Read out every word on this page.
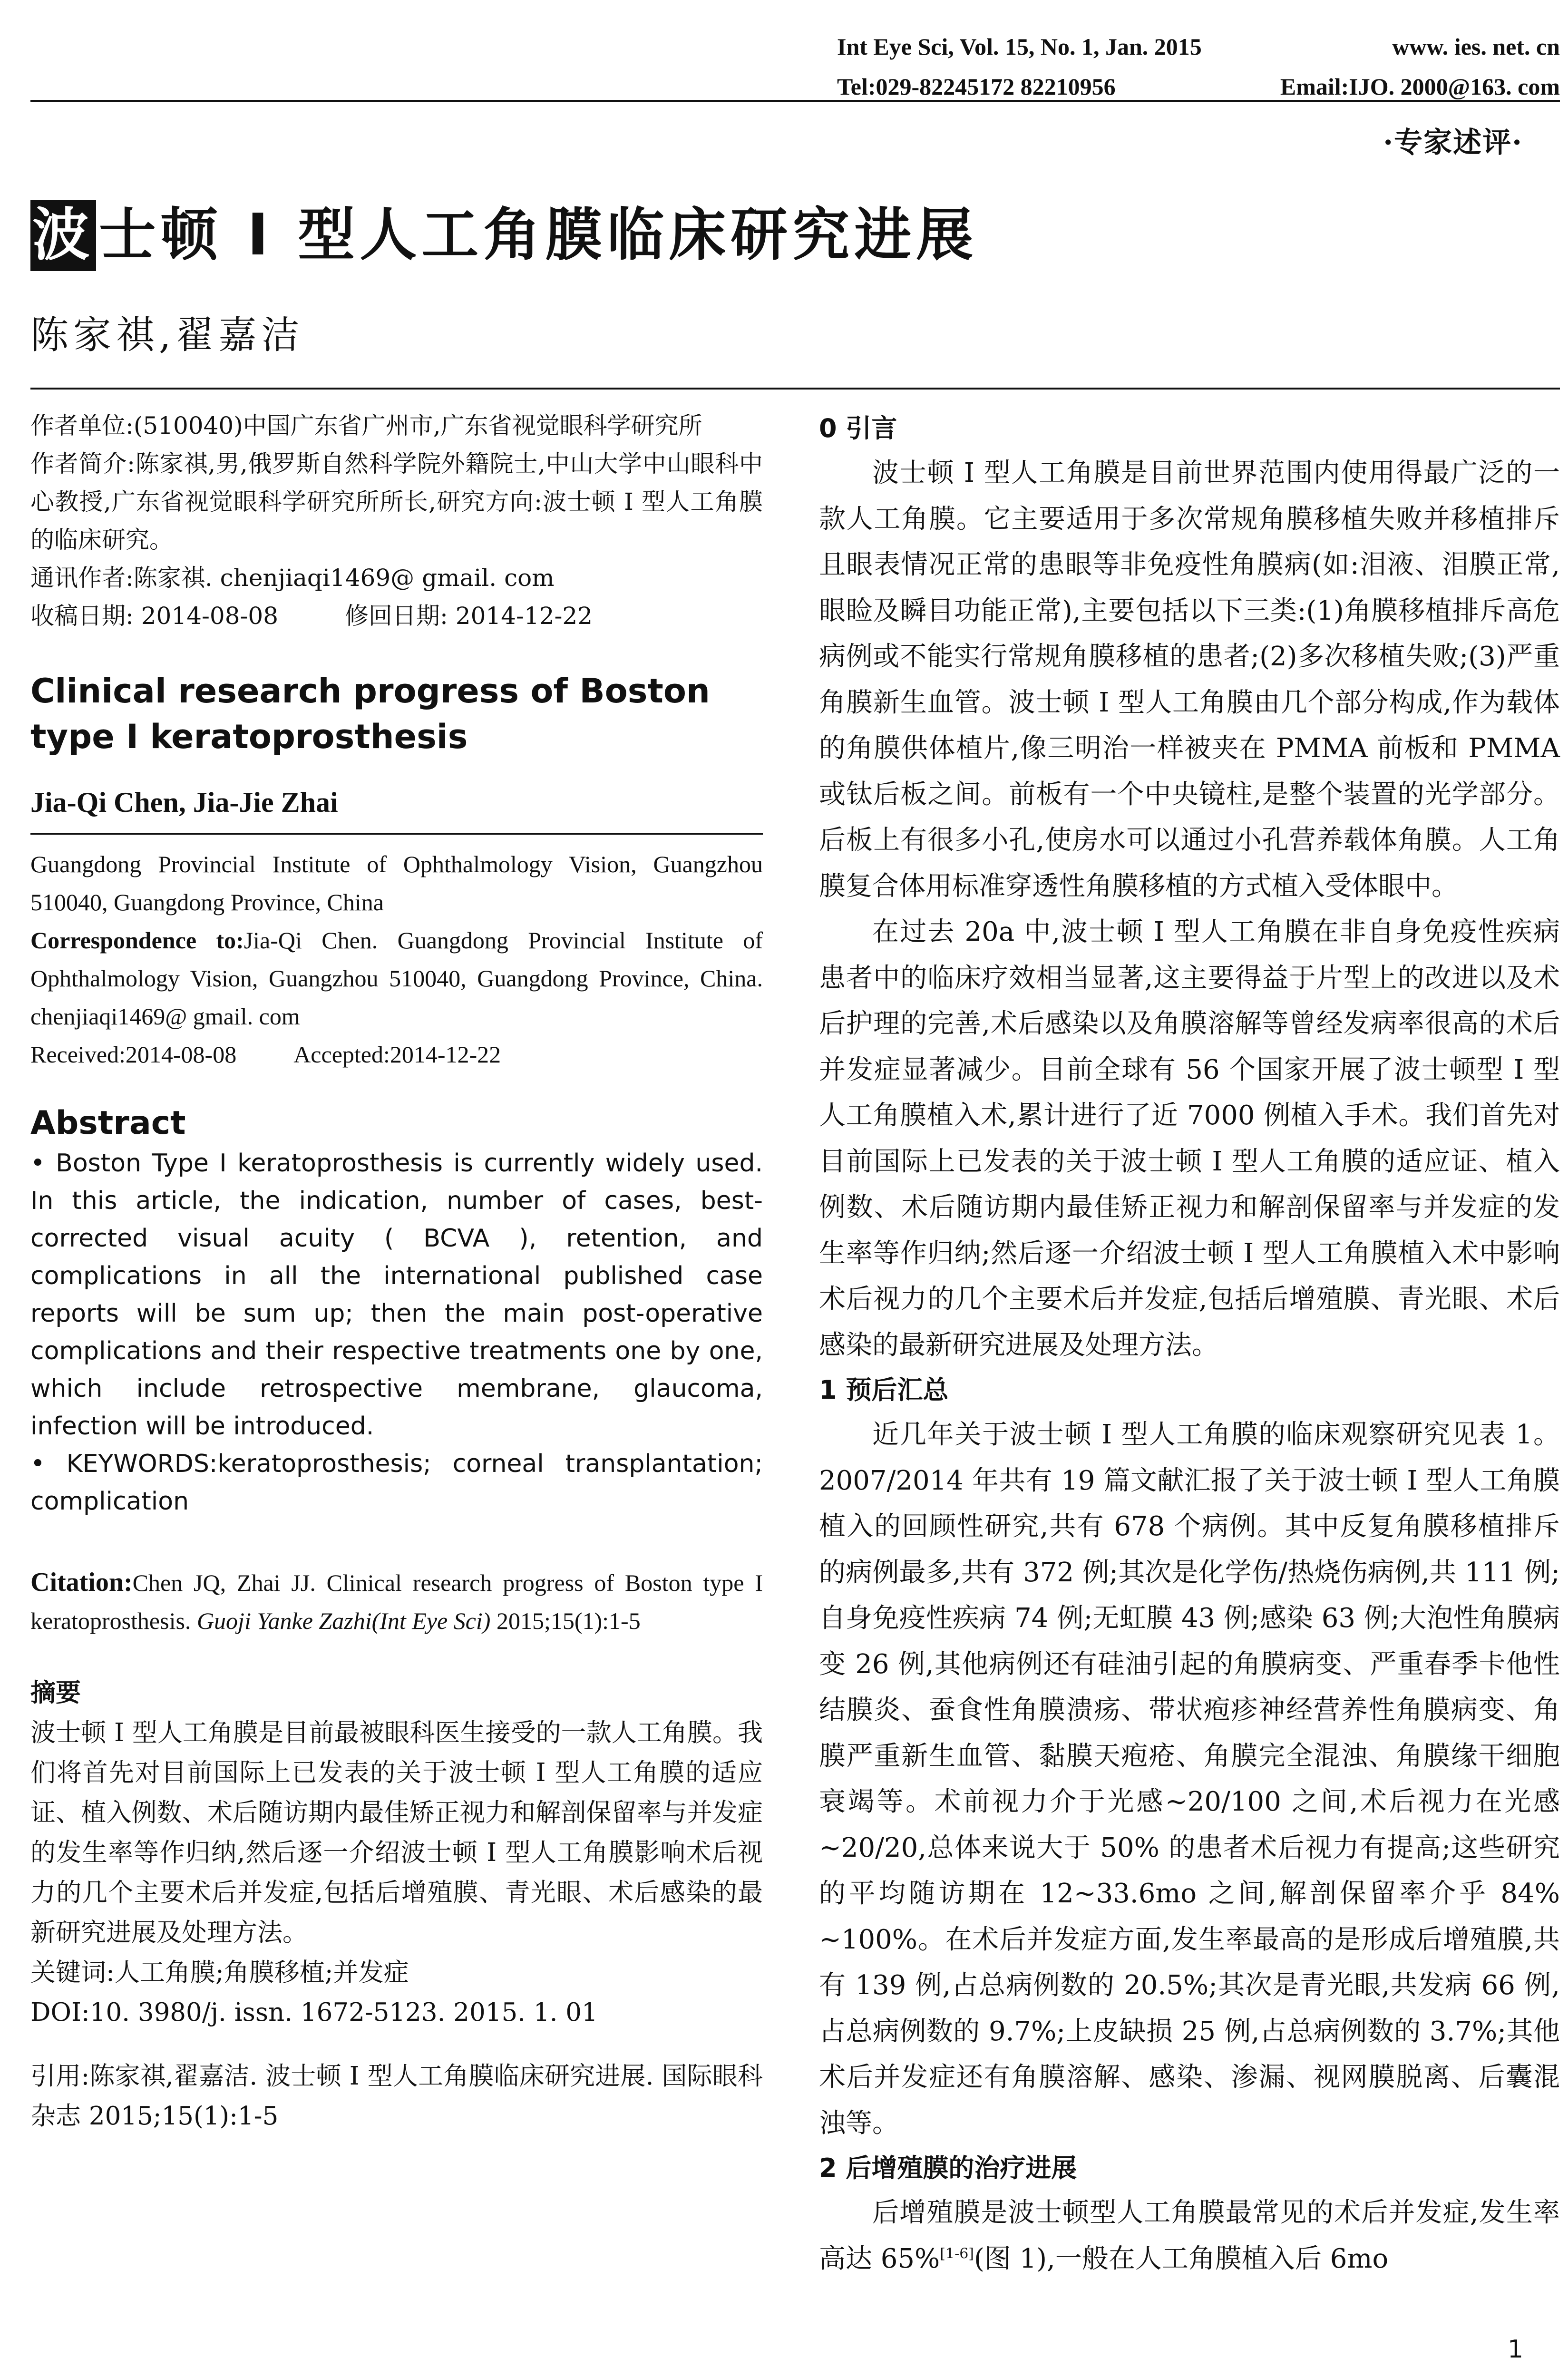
Int Eye Sci, Vol. 15, No. 1, Jan. 2015	www. ies. net. cn
Tel:029-82245172 82210956	Email:IJO. 2000@163. com
·专家述评·
波士顿 I 型人工角膜临床研究进展
陈家祺,翟嘉洁

作者单位:(510040)中国广东省广州市,广东省视觉眼科学研究所

作者简介:陈家祺,男,俄罗斯自然科学院外籍院士,中山大学中山眼科中心教授,广东省视觉眼科学研究所所长,研究方向:波士顿 I 型人工角膜的临床研究。

通讯作者:陈家祺. chenjiaqi1469@ gmail. com

收稿日期: 2014-08-08	修回日期: 2014-12-22

Clinical research progress of Boston type I keratoprosthesis

Jia-Qi Chen, Jia-Jie Zhai
Guangdong Provincial Institute of Ophthalmology Vision, Guangzhou 510040, Guangdong Province, China
Correspondence to:Jia-Qi Chen. Guangdong Provincial Institute of Ophthalmology Vision, Guangzhou 510040, Guangdong Province, China. chenjiaqi1469@ gmail. com
Received:2014-08-08 Accepted:2014-12-22
Abstract
• Boston Type I keratoprosthesis is currently widely used. In this article, the indication, number of cases, best-corrected visual acuity ( BCVA ), retention, and complications in all the international published case reports will be sum up; then the main post-operative complications and their respective treatments one by one, which include retrospective membrane, glaucoma, infection will be introduced.
• KEYWORDS:keratoprosthesis; corneal transplantation; complication
Citation:Chen JQ, Zhai JJ. Clinical research progress of Boston type I keratoprosthesis. Guoji Yanke Zazhi(Int Eye Sci) 2015;15(1):1-5

摘要

波士顿 I 型人工角膜是目前最被眼科医生接受的一款人工角膜。我们将首先对目前国际上已发表的关于波士顿 I 型人工角膜的适应证、植入例数、术后随访期内最佳矫正视力和解剖保留率与并发症的发生率等作归纳,然后逐一介绍波士顿 I 型人工角膜影响术后视力的几个主要术后并发症,包括后增殖膜、青光眼、术后感染的最新研究进展及处理方法。

关键词:人工角膜;角膜移植;并发症

DOI:10. 3980/j. issn. 1672-5123. 2015. 1. 01

引用:陈家祺,翟嘉洁. 波士顿 I 型人工角膜临床研究进展. 国际眼科杂志 2015;15(1):1-5

0 引言

波士顿 I 型人工角膜是目前世界范围内使用得最广泛的一款人工角膜。它主要适用于多次常规角膜移植失败并移植排斥且眼表情况正常的患眼等非免疫性角膜病(如:泪液、泪膜正常,眼睑及瞬目功能正常),主要包括以下三类:(1)角膜移植排斥高危病例或不能实行常规角膜移植的患者;(2)多次移植失败;(3)严重角膜新生血管。波士顿 I 型人工角膜由几个部分构成,作为载体的角膜供体植片,像三明治一样被夹在 PMMA 前板和 PMMA 或钛后板之间。前板有一个中央镜柱,是整个装置的光学部分。后板上有很多小孔,使房水可以通过小孔营养载体角膜。人工角膜复合体用标准穿透性角膜移植的方式植入受体眼中。

在过去 20a 中,波士顿 I 型人工角膜在非自身免疫性疾病患者中的临床疗效相当显著,这主要得益于片型上的改进以及术后护理的完善,术后感染以及角膜溶解等曾经发病率很高的术后并发症显著减少。目前全球有 56 个国家开展了波士顿型 I 型人工角膜植入术,累计进行了近 7000 例植入手术。我们首先对目前国际上已发表的关于波士顿 I 型人工角膜的适应证、植入例数、术后随访期内最佳矫正视力和解剖保留率与并发症的发生率等作归纳;然后逐一介绍波士顿 I 型人工角膜植入术中影响术后视力的几个主要术后并发症,包括后增殖膜、青光眼、术后感染的最新研究进展及处理方法。

1 预后汇总

近几年关于波士顿 I 型人工角膜的临床观察研究见表 1。2007/2014 年共有 19 篇文献汇报了关于波士顿 I 型人工角膜植入的回顾性研究,共有 678 个病例。其中反复角膜移植排斥的病例最多,共有 372 例;其次是化学伤/热烧伤病例,共 111 例;自身免疫性疾病 74 例;无虹膜 43 例;感染 63 例;大泡性角膜病变 26 例,其他病例还有硅油引起的角膜病变、严重春季卡他性结膜炎、蚕食性角膜溃疡、带状疱疹神经营养性角膜病变、角膜严重新生血管、黏膜天疱疮、角膜完全混浊、角膜缘干细胞衰竭等。术前视力介于光感~20/100 之间,术后视力在光感~20/20,总体来说大于 50% 的患者术后视力有提高;这些研究的平均随访期在 12~33.6mo 之间,解剖保留率介乎 84% ~100%。在术后并发症方面,发生率最高的是形成后增殖膜,共有 139 例,占总病例数的 20.5%;其次是青光眼,共发病 66 例,占总病例数的 9.7%;上皮缺损 25 例,占总病例数的 3.7%;其他术后并发症还有角膜溶解、感染、渗漏、视网膜脱离、后囊混浊等。

2 后增殖膜的治疗进展

后增殖膜是波士顿型人工角膜最常见的术后并发症,发生率高达 65%[1-6](图 1),一般在人工角膜植入后 6mo

1
